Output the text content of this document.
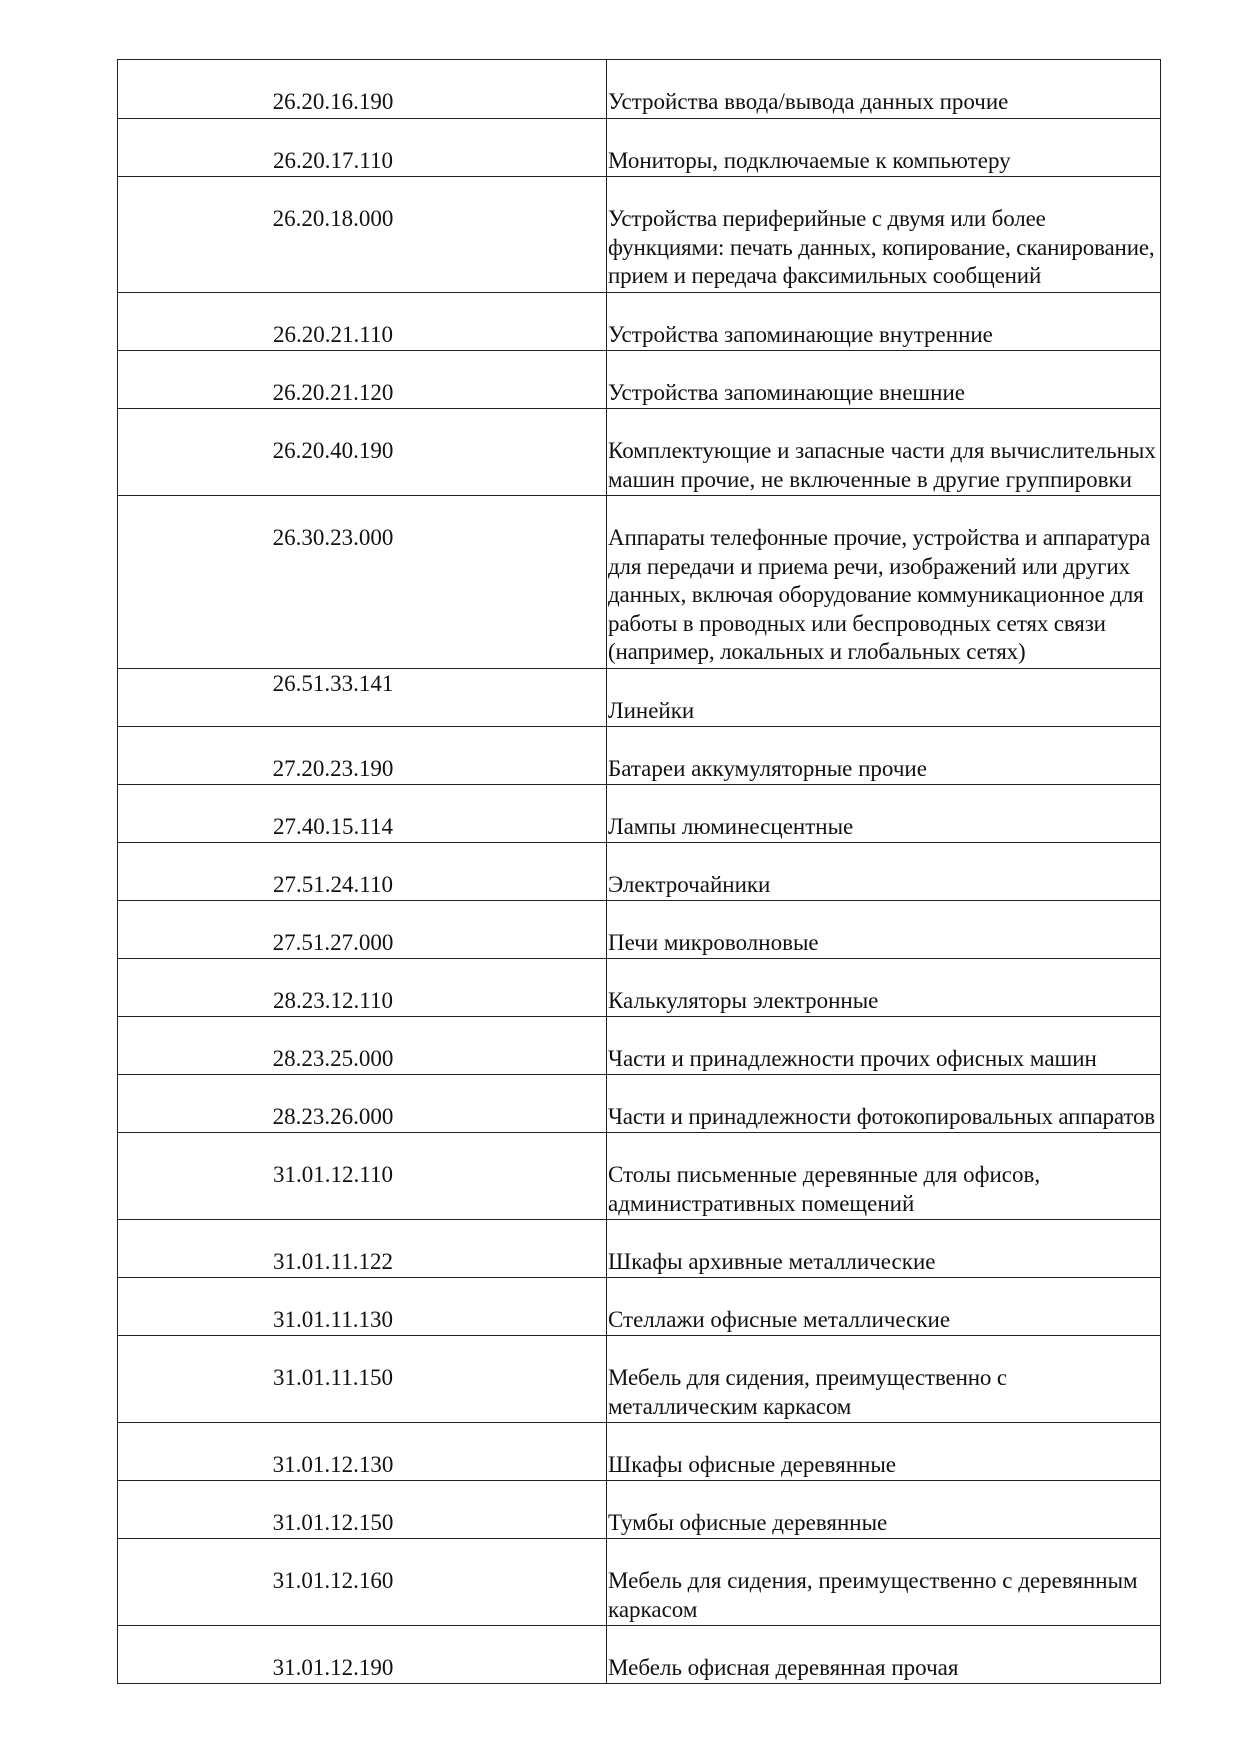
26.20.16.190	Устройства ввода/вывода данных прочие
26.20.17.110	Мониторы, подключаемые к компьютеру
26.20.18.000	Устройства периферийные с двумя или более функциями: печать данных, копирование, сканирование, прием и передача факсимильных сообщений
26.20.21.110	Устройства запоминающие внутренние
26.20.21.120	Устройства запоминающие внешние
26.20.40.190	Комплектующие и запасные части для вычислительных машин прочие, не включенные в другие группировки
26.30.23.000	Аппараты телефонные прочие, устройства и аппаратура для передачи и приема речи, изображений или других данных, включая оборудование коммуникационное для работы в проводных или беспроводных сетях связи (например, локальных и глобальных сетях)
26.51.33.141	Линейки
27.20.23.190	Батареи аккумуляторные прочие
27.40.15.114	Лампы люминесцентные
27.51.24.110	Электрочайники
27.51.27.000	Печи микроволновые
28.23.12.110	Калькуляторы электронные
28.23.25.000	Части и принадлежности прочих офисных машин
28.23.26.000	Части и принадлежности фотокопировальных аппаратов
31.01.12.110	Столы письменные деревянные для офисов, административных помещений
31.01.11.122	Шкафы архивные металлические
31.01.11.130	Стеллажи офисные металлические
31.01.11.150	Мебель для сидения, преимущественно с металлическим каркасом
31.01.12.130	Шкафы офисные деревянные
31.01.12.150	Тумбы офисные деревянные
31.01.12.160	Мебель для сидения, преимущественно с деревянным каркасом
31.01.12.190	Мебель офисная деревянная прочая
